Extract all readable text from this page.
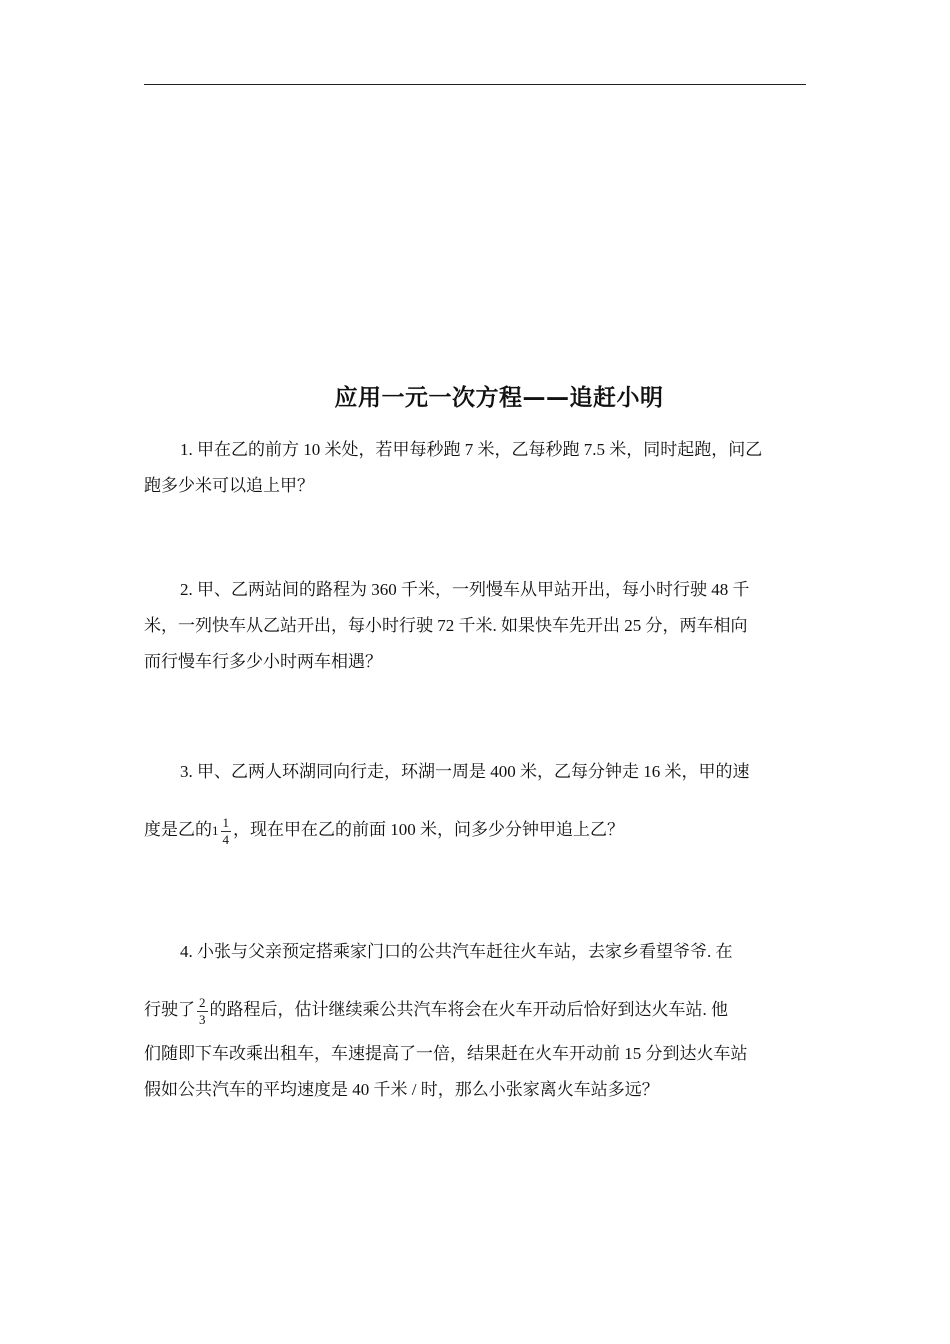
应用一元一次方程——追赶小明
1. 甲在乙的前方 10 米处，若甲每秒跑 7 米，乙每秒跑 7.5 米，同时起跑，问乙
跑多少米可以追上甲？
2. 甲、乙两站间的路程为 360 千米，一列慢车从甲站开出，每小时行驶 48 千
米，一列快车从乙站开出，每小时行驶 72 千米. 如果快车先开出 25 分，两车相向
而行慢车行多少小时两车相遇？
3. 甲、乙两人环湖同向行走，环湖一周是 400 米，乙每分钟走 16 米，甲的速
度是乙的$1 \frac{1}{4}$ ，现在甲在乙的前面 100 米，问多少分钟甲追上乙？
4. 小张与父亲预定搭乘家门口的公共汽车赶往火车站，去家乡看望爷爷. 在
行驶了 $\frac{2}{3}$ 的路程后，估计继续乘公共汽车将会在火车开动后恰好到达火车站. 他
们随即下车改乘出租车，车速提高了一倍，结果赶在火车开动前 15 分到达火车站
假如公共汽车的平均速度是 40 千米 / 时，那么小张家离火车站多远？
